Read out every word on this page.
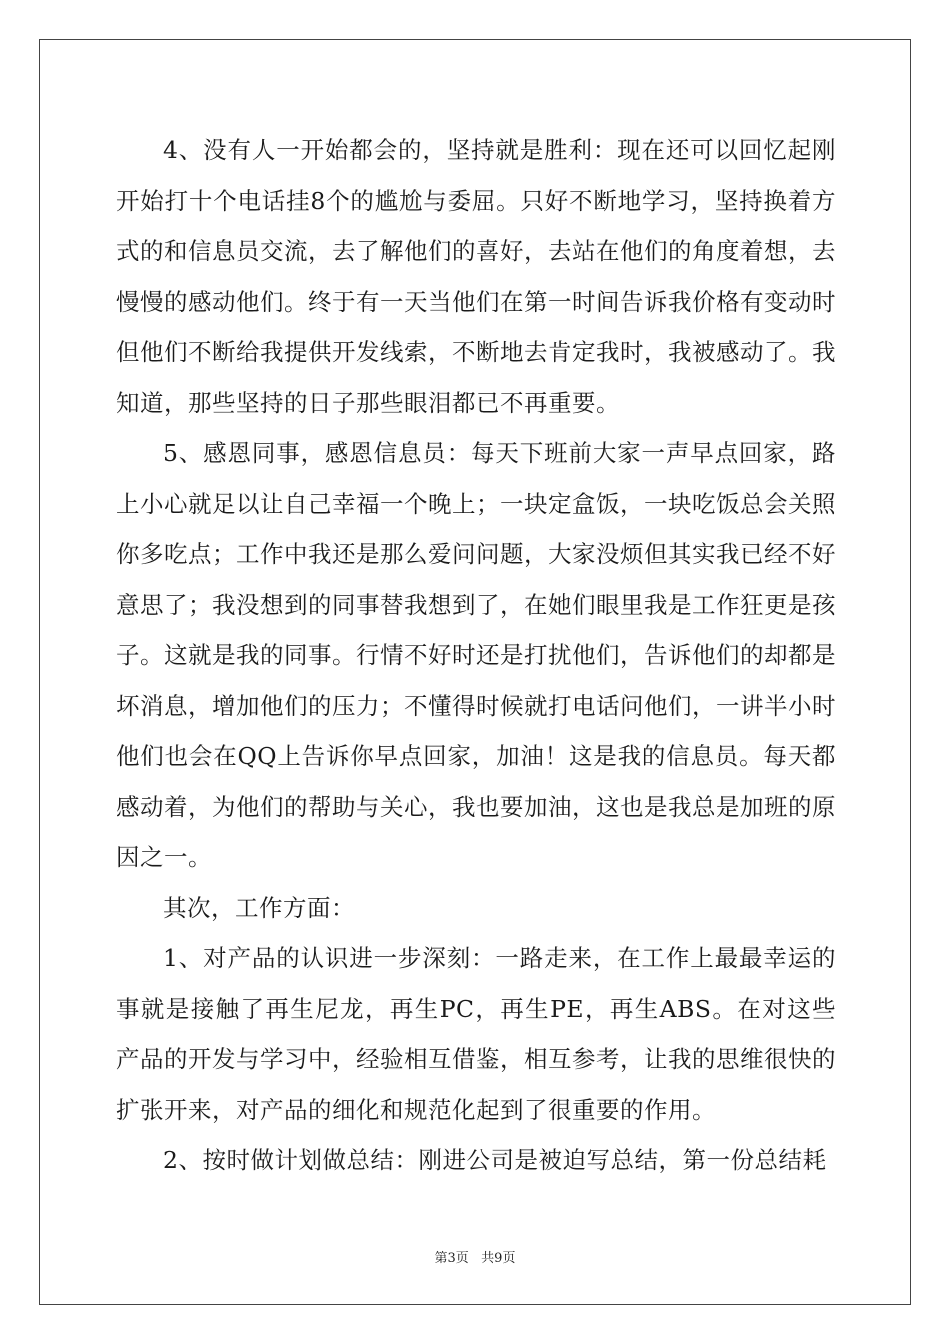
4、没有人一开始都会的，坚持就是胜利：现在还可以回忆起刚开始打十个电话挂8个的尴尬与委屈。只好不断地学习，坚持换着方式的和信息员交流，去了解他们的喜好，去站在他们的角度着想，去慢慢的感动他们。终于有一天当他们在第一时间告诉我价格有变动时但他们不断给我提供开发线索，不断地去肯定我时，我被感动了。我知道，那些坚持的日子那些眼泪都已不再重要。

5、感恩同事，感恩信息员：每天下班前大家一声早点回家，路上小心就足以让自己幸福一个晚上；一块定盒饭，一块吃饭总会关照你多吃点；工作中我还是那么爱问问题，大家没烦但其实我已经不好意思了；我没想到的同事替我想到了，在她们眼里我是工作狂更是孩子。这就是我的同事。行情不好时还是打扰他们，告诉他们的却都是坏消息，增加他们的压力；不懂得时候就打电话问他们，一讲半小时他们也会在QQ上告诉你早点回家，加油！这是我的信息员。每天都感动着，为他们的帮助与关心，我也要加油，这也是我总是加班的原因之一。

其次，工作方面：

1、对产品的认识进一步深刻：一路走来，在工作上最最幸运的事就是接触了再生尼龙，再生PC，再生PE，再生ABS。在对这些产品的开发与学习中，经验相互借鉴，相互参考，让我的思维很快的扩张开来，对产品的细化和规范化起到了很重要的作用。

2、按时做计划做总结：刚进公司是被迫写总结，第一份总结耗

第3页   共9页
